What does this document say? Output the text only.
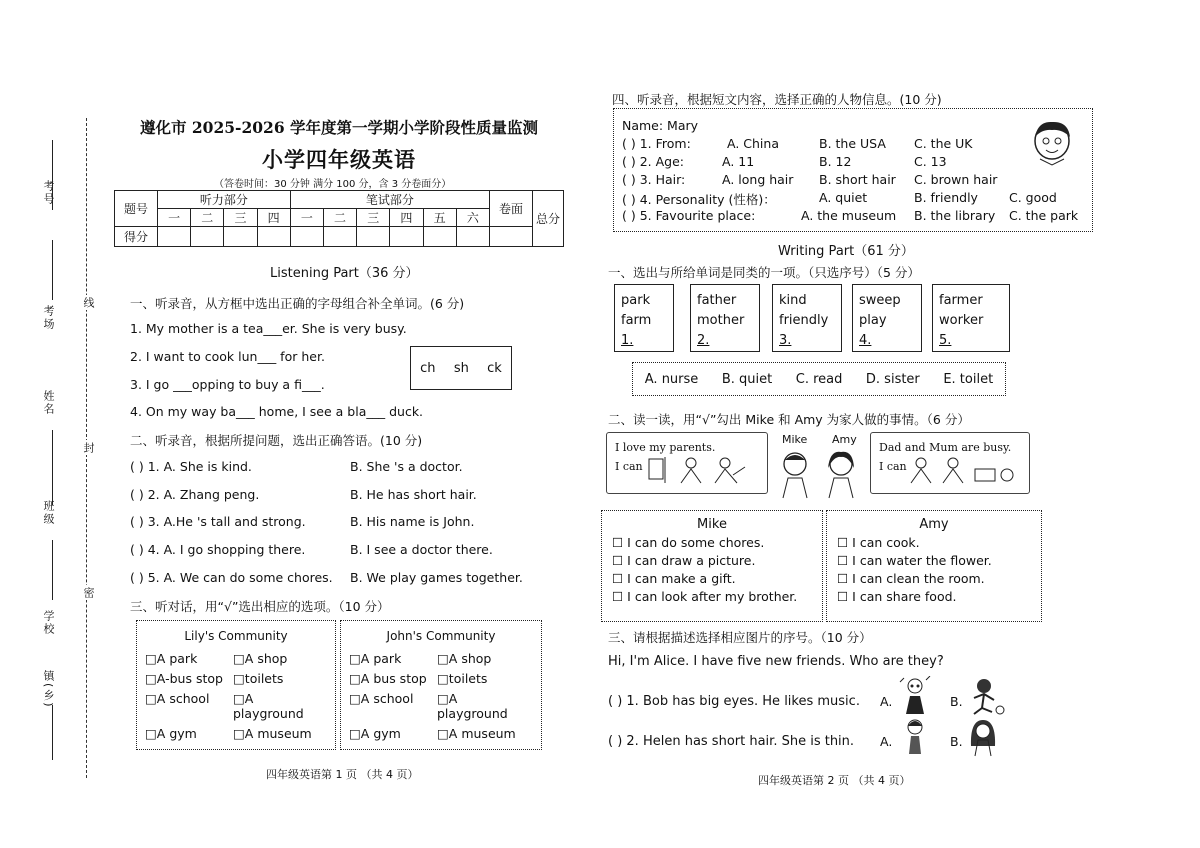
考号
考场
姓名
班级
学校
镇(乡)
线
封
密
遵化市 2025-2026 学年度第一学期小学阶段性质量监测
小学四年级英语
（答卷时间：30 分钟 满分 100 分，含 3 分卷面分）
题号	听力部分				笔试部分						卷面	总分
	一	二	三	四	一	二	三	四	五	六		
得分												
Listening Part（36 分）
一、听录音，从方框中选出正确的字母组合补全单词。(6 分)
1. My mother is a tea___er. She is very busy.
2. I want to cook lun___ for her.
3. I go ___opping to buy a fi___.
4. On my way ba___ home, I see a bla___ duck.
ch sh ck
二、听录音，根据所提问题，选出正确答语。(10 分)
( ) 1. A. She is kind.	B. She 's a doctor.
( ) 2. A. Zhang peng.	B. He has short hair.
( ) 3. A.He 's tall and strong.	B. His name is John.
( ) 4. A. I go shopping there.	B. I see a doctor there.
( ) 5. A. We can do some chores. B. We play games together.
三、听对话，用“√”选出相应的选项。（10 分）
Lily's Community
□A park	□A shop
□A-bus stop □toilets
□A school	□A playground
□A gym	□A museum
John's Community
□A park	□A shop
□A bus stop □toilets
□A school	□A playground
□A gym	□A museum
四年级英语第 1 页 （共 4 页）
四、听录音，根据短文内容，选择正确的人物信息。(10 分)
Name: Mary
( ) 1. From:	A. China	B. the USA C. the UK
( ) 2. Age:	A. 11	B. 12	C. 13
( ) 3. Hair:	A. long hair B. short hair C. brown hair
( ) 4. Personality (性格)：	A. quiet	B. friendly C. good
( ) 5. Favourite place:	A. the museum B. the library C. the park
Writing Part（61 分）
一、选出与所给单词是同类的一项。（只选序号）（5 分）
park
farm
1.
father
mother
2.
kind
friendly
3.
sweep
play
4.
farmer
worker
5.
A. nurse B. quiet C. read D. sister E. toilet
二、读一读，用“√”勾出 Mike 和 Amy 为家人做的事情。（6 分）
I love my parents.
I can
Mike Amy
Dad and Mum are busy.
I can
Mike
☐ I can do some chores.
☐ I can draw a picture.
☐ I can make a gift.
☐ I can look after my brother.
Amy
☐ I can cook.
☐ I can water the flower.
☐ I can clean the room.
☐ I can share food.
三、请根据描述选择相应图片的序号。（10 分）
Hi, I'm Alice. I have five new friends. Who are they?
( ) 1. Bob has big eyes. He likes music. A.	B.
( ) 2. Helen has short hair. She is thin. A.	B.
四年级英语第 2 页 （共 4 页）
